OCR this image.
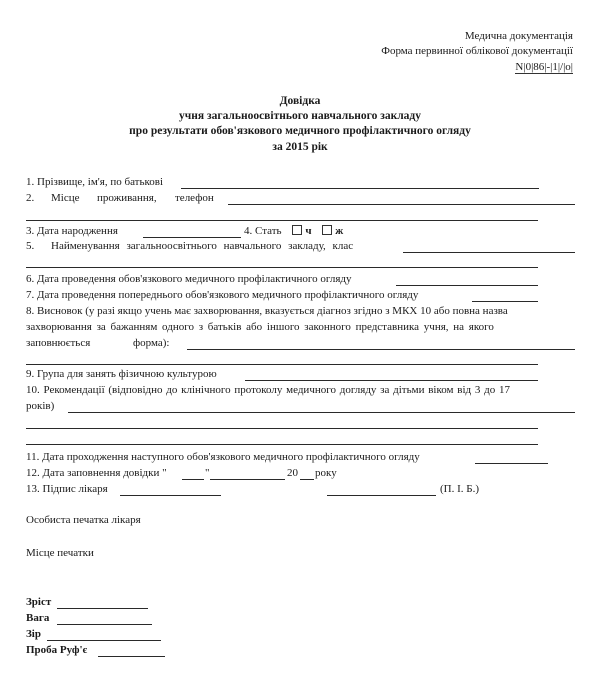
Медична документація
Форма первинної облікової документації
N|0|86|-|1|/|о|
Довідка
учня загальноосвітнього навчального закладу
про результати обов'язкового медичного профілактичного огляду
за 2015 рік
1. Прізвище, ім'я, по батькові
2. Місце проживання, телефон
3. Дата народження	4. Стать ч ж
5. Найменування загальноосвітнього навчального закладу, клас
6. Дата проведення обов'язкового медичного профілактичного огляду
7. Дата проведення попереднього обов'язкового медичного профілактичного огляду
8. Висновок (у разі якщо учень має захворювання, вказується діагноз згідно з МКХ 10 або повна назва
захворювання за бажанням одного з батьків або іншого законного представника учня, на якого
заповнюється	форма):
9. Група для занять фізичною культурою
10. Рекомендації (відповідно до клінічного протоколу медичного догляду за дітьми віком від 3 до 17
років)
11. Дата проходження наступного обов'язкового медичного профілактичного огляду
12. Дата заповнення довідки "	"	20 року
13. Підпис лікаря	(П. І. Б.)
Особиста печатка лікаря
Місце печатки
Зріст
Вага
Зір
Проба Руф'є
